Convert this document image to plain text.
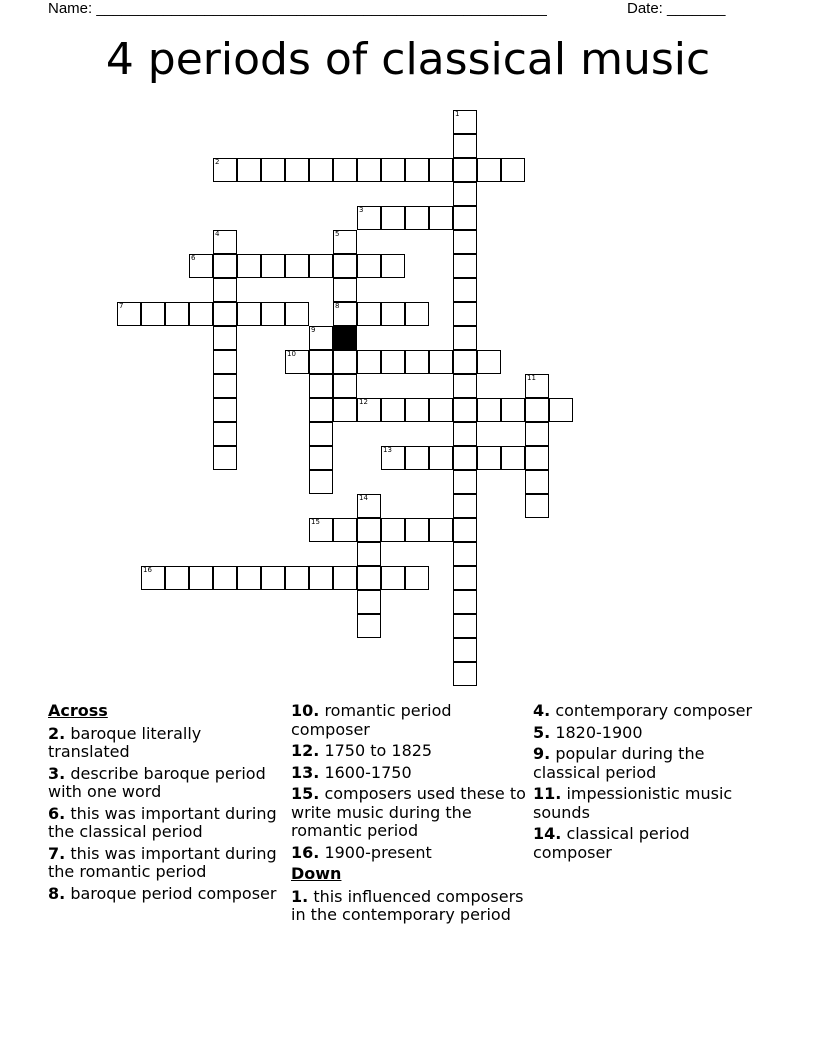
Name: ______________________________________________________	Date: _______
4 periods of classical music
1
2
3
4	5
8
6
7
9
10
11
12
13
14
15
16
Across
2. baroque literally translated
3. describe baroque period with one word
6. this was important during the classical period
7. this was important during the romantic period
8. baroque period composer
10. romantic period composer
12. 1750 to 1825
13. 1600-1750
15. composers used these to write music during the romantic period
16. 1900-present
Down
1. this influenced composers in the contemporary period
4. contemporary composer
5. 1820-1900
9. popular during the classical period
11. impessionistic music sounds
14. classical period composer
